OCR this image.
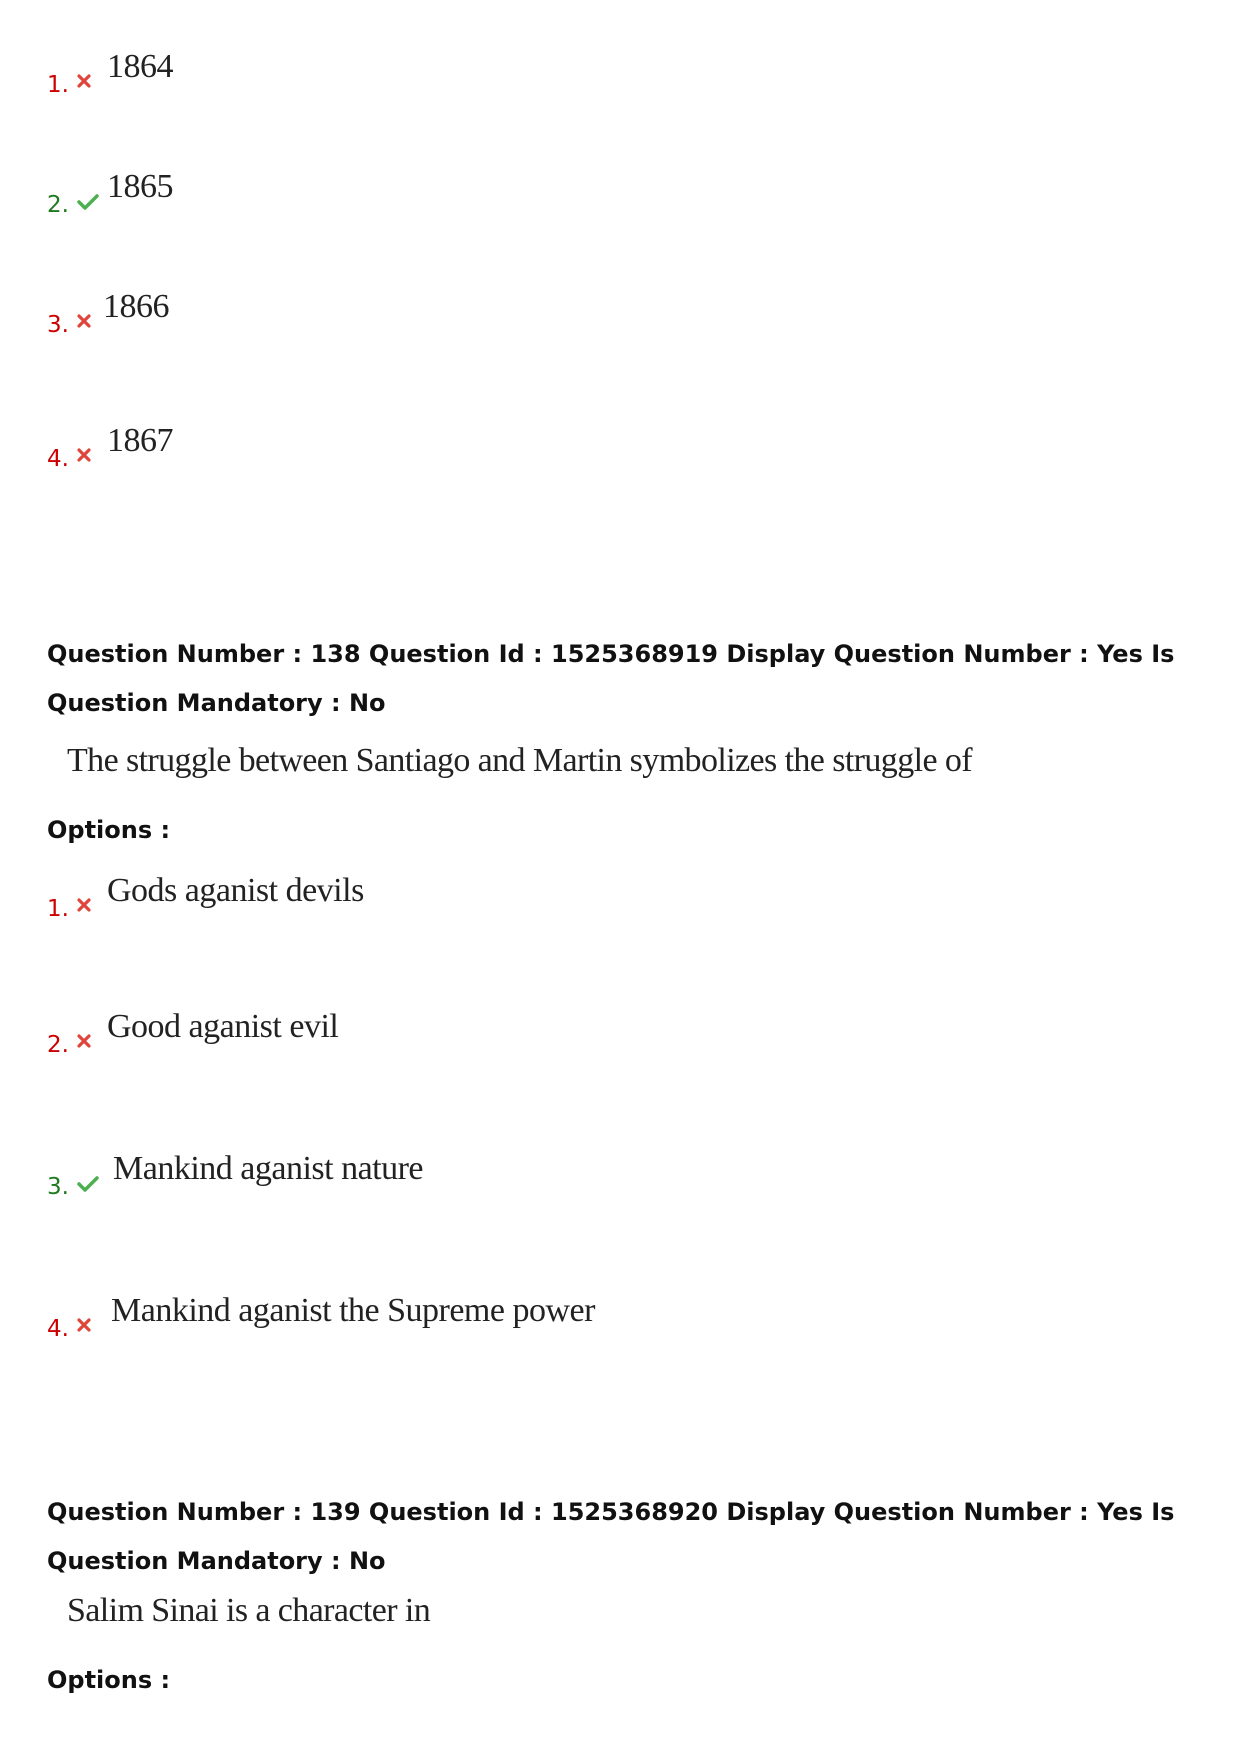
1. 1864
2. 1865
3. 1866
4. 1867
Question Number : 138 Question Id : 1525368919 Display Question Number : Yes Is Question Mandatory : No
The struggle between Santiago and Martin symbolizes the struggle of
Options :
1. Gods aganist devils
2. Good aganist evil
3. Mankind aganist nature
4. Mankind aganist the Supreme power
Question Number : 139 Question Id : 1525368920 Display Question Number : Yes Is Question Mandatory : No
Salim Sinai is a character in
Options :
